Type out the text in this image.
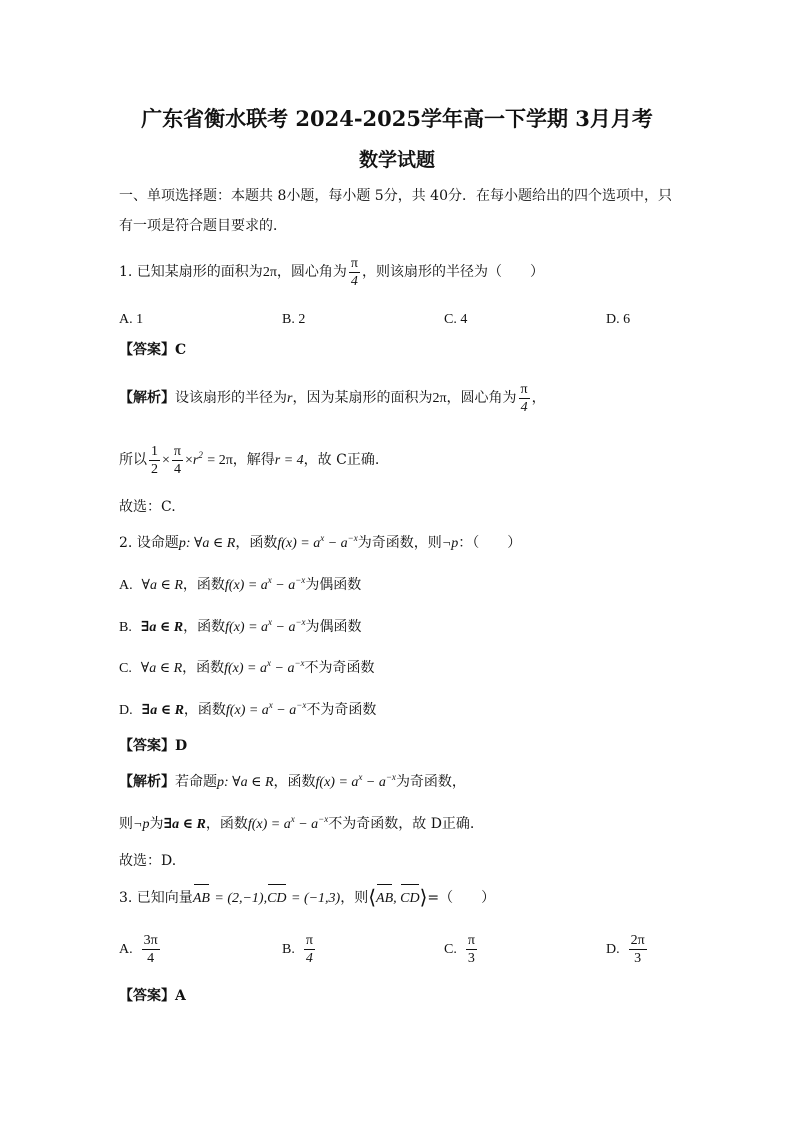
广东省衡水联考 2024-2025学年高一下学期 3月月考
数学试题
一、单项选择题：本题共 8小题，每小题 5分，共 40分．在每小题给出的四个选项中，只
有一项是符合题目要求的．
1. 已知某扇形的面积为2π，圆心角为 $\frac{\pi}{4}$ ，则该扇形的半径为（　　）
A. 1	B. 2	C. 4	D. 6
【答案】C
【解析】设该扇形的半径为r，因为某扇形的面积为2π，圆心角为 $\frac{\pi}{4}$ ，
所以 $\frac{1}{2} \times \frac{\pi}{4} \times r^2 = 2\pi$，解得r = 4，故 C正确.
故选：C.
2. 设命题p: ∀a ∈ R，函数$f(x) = a^x - a^{-x}$为奇函数，则¬p：（　　）
A. ∀a ∈ R，函数$f(x) = a^x - a^{-x}$为偶函数
B. ∃a ∈ R，函数$f(x) = a^x - a^{-x}$为偶函数
C. ∀a ∈ R，函数$f(x) = a^x - a^{-x}$不为奇函数
D. ∃a ∈ R，函数$f(x) = a^x - a^{-x}$不为奇函数
【答案】D
【解析】若命题p: ∀a ∈ R，函数$f(x) = a^x - a^{-x}$为奇函数，
则¬p为∃a ∈ R，函数$f(x) = a^x - a^{-x}$不为奇函数，故 D正确.
故选：D.
3. 已知向量AB = (2,−1),CD = (−1,3)，则⟨AB, CD⟩=（　　）
A. $\frac{3\pi}{4}$	B. $\frac{\pi}{4}$	C. $\frac{\pi}{3}$	D. $\frac{2\pi}{3}$
【答案】A
